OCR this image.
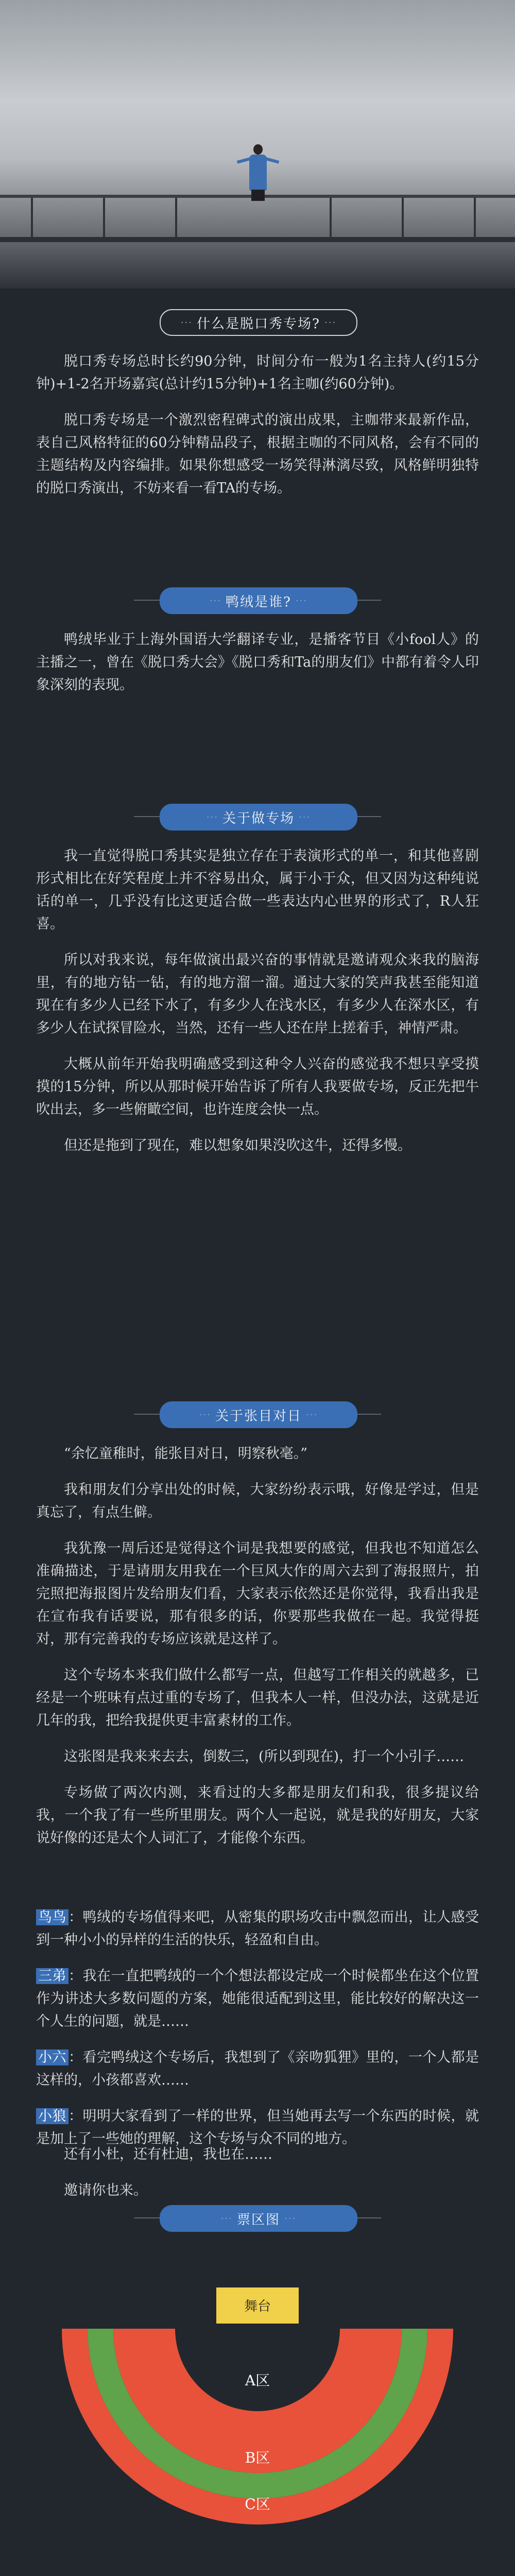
··· 什么是脱口秀专场? ···

脱口秀专场总时长约90分钟，时间分布一般为1名主持人(约15分钟)+1-2名开场嘉宾(总计约15分钟)+1名主咖(约60分钟)。

脱口秀专场是一个激烈密程碑式的演出成果，主咖带来最新作品，表自己风格特征的60分钟精品段子，根据主咖的不同风格，会有不同的主题结构及内容编排。如果你想感受一场笑得淋漓尽致，风格鲜明独特的脱口秀演出，不妨来看一看TA的专场。

··· 鸭绒是谁? ···

鸭绒毕业于上海外国语大学翻译专业，是播客节目《小fool人》的主播之一，曾在《脱口秀大会》《脱口秀和Ta的朋友们》中都有着令人印象深刻的表现。

··· 关于做专场 ···

我一直觉得脱口秀其实是独立存在于表演形式的单一，和其他喜剧形式相比在好笑程度上并不容易出众，属于小于众，但又因为这种纯说话的单一，几乎没有比这更适合做一些表达内心世界的形式了，R人狂喜。

所以对我来说，每年做演出最兴奋的事情就是邀请观众来我的脑海里，有的地方钻一钻，有的地方溜一溜。通过大家的笑声我甚至能知道现在有多少人已经下水了，有多少人在浅水区，有多少人在深水区，有多少人在试探冒险水，当然，还有一些人还在岸上搓着手，神情严肃。

大概从前年开始我明确感受到这种令人兴奋的感觉我不想只享受摸摸的15分钟，所以从那时候开始告诉了所有人我要做专场，反正先把牛吹出去，多一些俯瞰空间，也许连度会快一点。

但还是拖到了现在，难以想象如果没吹这牛，还得多慢。

··· 关于张目对日 ···

“余忆童稚时，能张目对日，明察秋毫。”

我和朋友们分享出处的时候，大家纷纷表示哦，好像是学过，但是真忘了，有点生僻。

我犹豫一周后还是觉得这个词是我想要的感觉，但我也不知道怎么准确描述，于是请朋友用我在一个巨风大作的周六去到了海报照片，拍完照把海报图片发给朋友们看，大家表示依然还是你觉得，我看出我是在宣布我有话要说，那有很多的话，你要那些我做在一起。我觉得挺对，那有完善我的专场应该就是这样了。

这个专场本来我们做什么都写一点，但越写工作相关的就越多，已经是一个班味有点过重的专场了，但我本人一样，但没办法，这就是近几年的我，把给我提供更丰富素材的工作。

这张图是我来来去去，倒数三，(所以到现在)，打一个小引子……

专场做了两次内测，来看过的大多都是朋友们和我，很多提议给我，一个我了有一些所里朋友。两个人一起说，就是我的好朋友，大家说好像的还是太个人词汇了，才能像个东西。

鸟鸟 ：鸭绒的专场值得来吧，从密集的职场攻击中飘忽而出，让人感受到一种小小的异样的生活的快乐，轻盈和自由。

三弟 ：我在一直把鸭绒的一个个想法都设定成一个时候都坐在这个位置作为讲述大多数问题的方案，她能很适配到这里，能比较好的解决这一个人生的问题，就是……

小六 ：看完鸭绒这个专场后，我想到了《亲吻狐狸》里的，一个人都是这样的，小孩都喜欢……

小狼 ：明明大家看到了一样的世界，但当她再去写一个东西的时候，就是加上了一些她的理解，这个专场与众不同的地方。

还有小杜，还有杜迪，我也在……

邀请你也来。

··· 票区图 ···
舞台
A区
B区
C区
